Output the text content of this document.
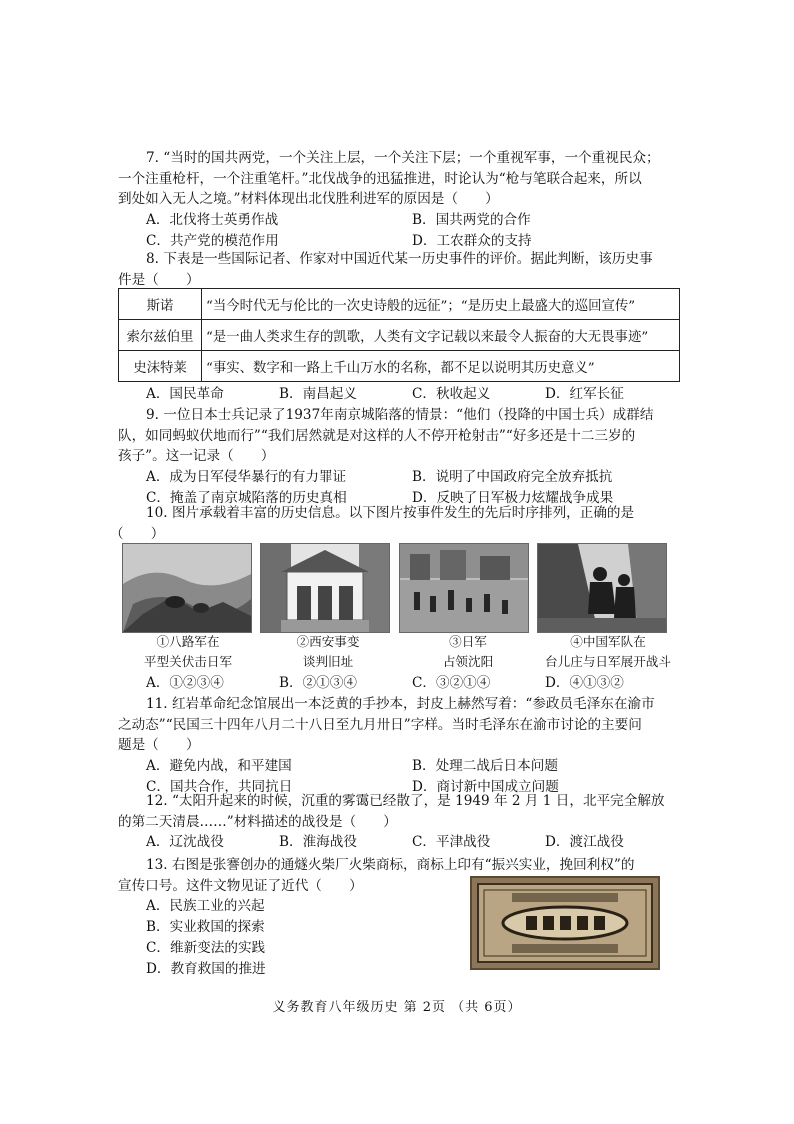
7. “当时的国共两党，一个关注上层，一个关注下层；一个重视军事，一个重视民众；
一个注重枪杆，一个注重笔杆。”北伐战争的迅猛推进，时论认为“枪与笔联合起来，所以
到处如入无人之境。”材料体现出北伐胜利进军的原因是（　　）
A．北伐将士英勇作战	B．国共两党的合作
C．共产党的模范作用	D．工农群众的支持
8. 下表是一些国际记者、作家对中国近代某一历史事件的评价。据此判断，该历史事
件是（　　）
斯诺	“当今时代无与伦比的一次史诗般的远征”；“是历史上最盛大的巡回宣传”
索尔兹伯里	“是一曲人类求生存的凯歌，人类有文字记载以来最令人振奋的大无畏事迹”
史沫特莱	“事实、数字和一路上千山万水的名称，都不足以说明其历史意义”
A．国民革命	B．南昌起义	C．秋收起义	D．红军长征
9. 一位日本士兵记录了1937年南京城陷落的情景：“他们（投降的中国士兵）成群结
队，如同蚂蚁伏地而行”“我们居然就是对这样的人不停开枪射击”“好多还是十二三岁的
孩子”。这一记录（　　）
A．成为日军侵华暴行的有力罪证	B．说明了中国政府完全放弃抵抗
C．掩盖了南京城陷落的历史真相	D．反映了日军极力炫耀战争成果
10. 图片承载着丰富的历史信息。以下图片按事件发生的先后时序排列，正确的是
（　　）
①八路军在
平型关伏击日军
②西安事变
谈判旧址
③日军
占领沈阳
④中国军队在
台儿庄与日军展开战斗
A．①②③④	B．②①③④	C．③②①④	D．④①③②
11. 红岩革命纪念馆展出一本泛黄的手抄本，封皮上赫然写着：“参政员毛泽东在渝市
之动态”“民国三十四年八月二十八日至九月卅日”字样。当时毛泽东在渝市讨论的主要问
题是（　　）
A．避免内战，和平建国	B．处理二战后日本问题
C．国共合作，共同抗日	D．商讨新中国成立问题
12. “太阳升起来的时候，沉重的雾霭已经散了，是 1949 年 2 月 1 日，北平完全解放
的第二天清晨……”材料描述的战役是（　　）
A．辽沈战役	B．淮海战役	C．平津战役	D．渡江战役
13. 右图是张謇创办的通燧火柴厂火柴商标，商标上印有“振兴实业，挽回利权”的
宣传口号。这件文物见证了近代（　　）
A．民族工业的兴起
B．实业救国的探索
C．维新变法的实践
D．教育救国的推进
义务教育八年级历史 第 2页 （共 6页）
